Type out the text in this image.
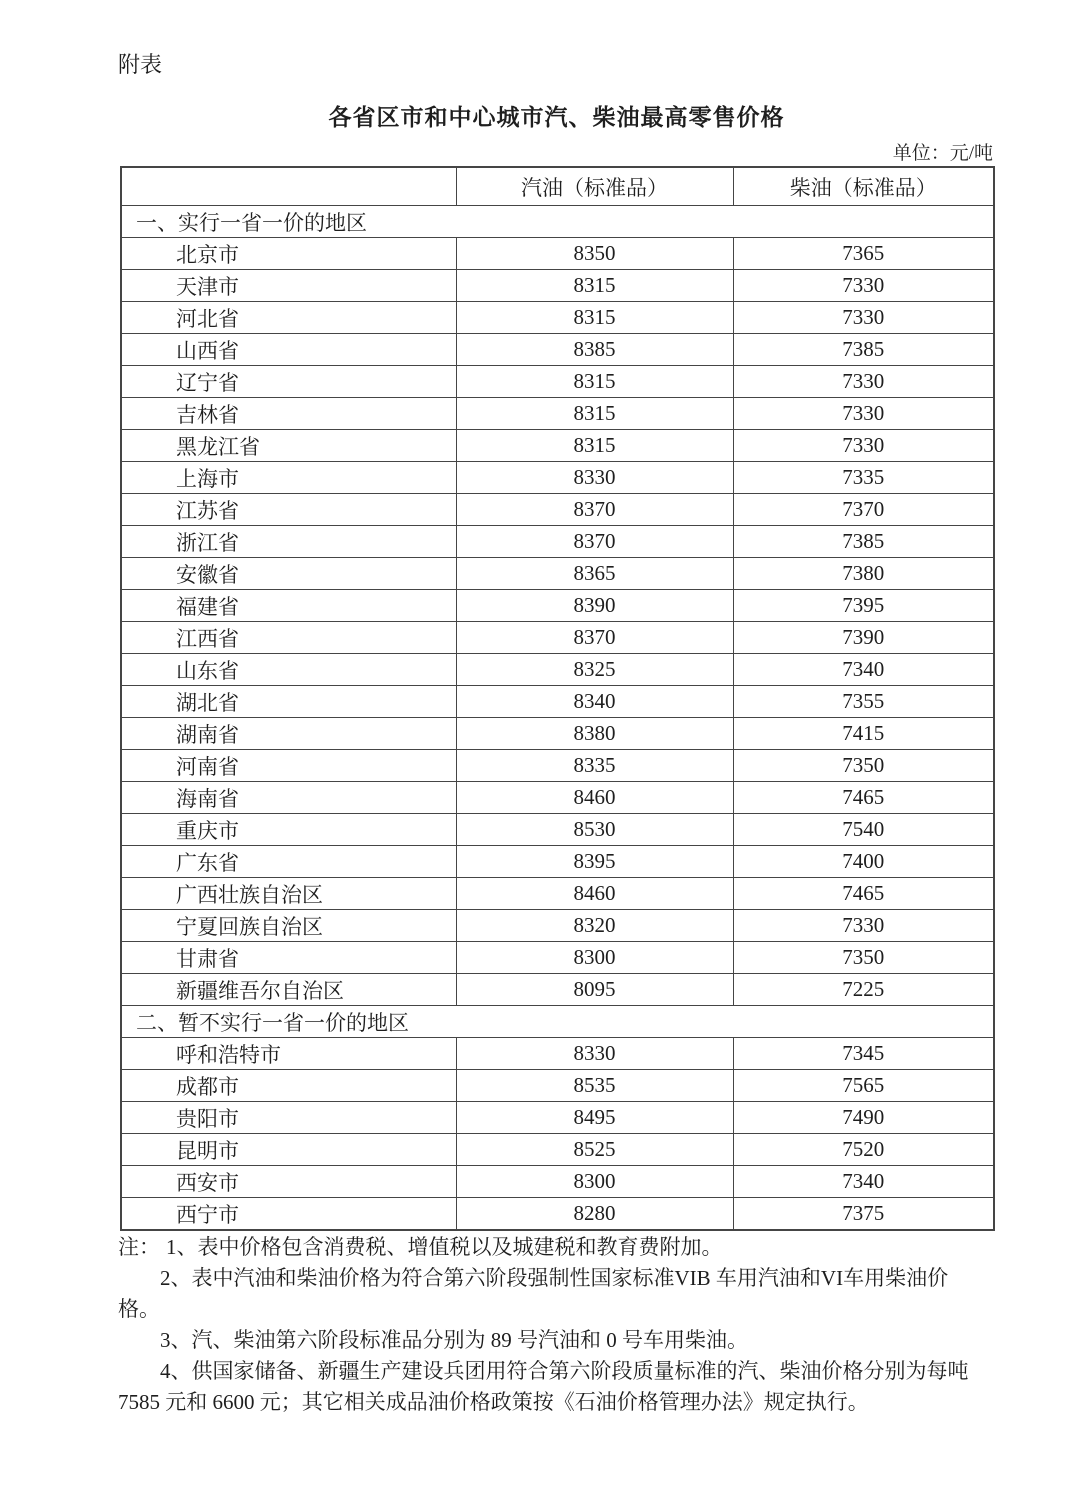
附表
各省区市和中心城市汽、柴油最高零售价格
单位：元/吨
	汽油（标准品）	柴油（标准品）
一、实行一省一价的地区		
北京市	8350	7365
天津市	8315	7330
河北省	8315	7330
山西省	8385	7385
辽宁省	8315	7330
吉林省	8315	7330
黑龙江省	8315	7330
上海市	8330	7335
江苏省	8370	7370
浙江省	8370	7385
安徽省	8365	7380
福建省	8390	7395
江西省	8370	7390
山东省	8325	7340
湖北省	8340	7355
湖南省	8380	7415
河南省	8335	7350
海南省	8460	7465
重庆市	8530	7540
广东省	8395	7400
广西壮族自治区	8460	7465
宁夏回族自治区	8320	7330
甘肃省	8300	7350
新疆维吾尔自治区	8095	7225
二、暂不实行一省一价的地区		
呼和浩特市	8330	7345
成都市	8535	7565
贵阳市	8495	7490
昆明市	8525	7520
西安市	8300	7340
西宁市	8280	7375

注： 1、表中价格包含消费税、增值税以及城建税和教育费附加。

2、表中汽油和柴油价格为符合第六阶段强制性国家标准VIB 车用汽油和VI车用柴油价格。

3、汽、柴油第六阶段标准品分别为 89 号汽油和 0 号车用柴油。

4、供国家储备、新疆生产建设兵团用符合第六阶段质量标准的汽、柴油价格分别为每吨 7585 元和 6600 元；其它相关成品油价格政策按《石油价格管理办法》规定执行。
